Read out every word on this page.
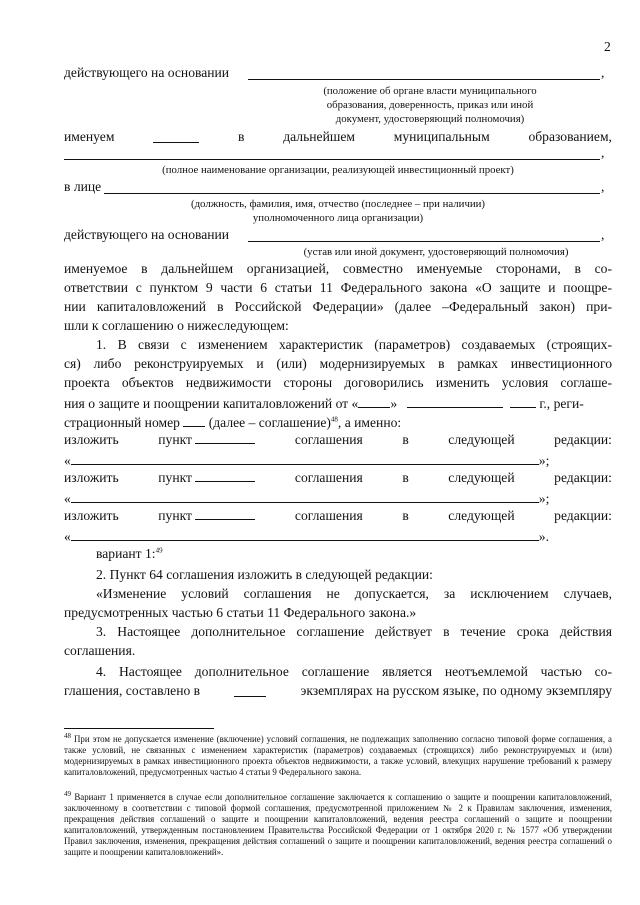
2
действующего на основании	,
(положение об органе власти муниципального
образования, доверенность, приказ или иной
документ, удостоверяющий полномочия)
именуем	в	дальнейшем	муниципальным	образованием,
,
(полное наименование организации, реализующей инвестиционный проект)
в лице	,
(должность, фамилия, имя, отчество (последнее – при наличии)
уполномоченного лица организации)
действующего на основании	,
(устав или иной документ, удостоверяющий полномочия)
именуемое в дальнейшем организацией, совместно именуемые сторонами, в со-
ответствии с пунктом 9 части 6 статьи 11 Федерального закона «О защите и поощре-
нии капиталовложений в Российской Федерации» (далее –Федеральный закон) при-
шли к соглашению о нижеследующем:
1. В связи с изменением характеристик (параметров) создаваемых (строящих-
ся) либо реконструируемых и (или) модернизируемых в рамках инвестиционного
проекта объектов недвижимости стороны договорились изменить условия соглаше-
ния о защите и поощрении капиталовложений от « »	г., реги-
страционный номер (далее – соглашение)$^{48}$, а именно:
изложить	пункт	соглашения	в	следующей	редакции:
«	»;
изложить	пункт	соглашения	в	следующей	редакции:
«	»;
изложить	пункт	соглашения	в	следующей	редакции:
«	».
вариант 1:$^{49}$
2. Пункт 64 соглашения изложить в следующей редакции:
«Изменение условий соглашения не допускается, за исключением случаев,
предусмотренных частью 6 статьи 11 Федерального закона.»
3. Настоящее дополнительное соглашение действует в течение срока действия
соглашения.
4. Настоящее дополнительное соглашение является неотъемлемой частью со-
глашения, составлено в	экземплярах на русском языке, по одному экземпляру
$^{48}$ При этом не допускается изменение (включение) условий соглашения, не подлежащих заполнению согласно типовой форме соглашения, а также условий, не связанных с изменением характеристик (параметров) создаваемых (строящихся) либо реконструируемых и (или) модернизируемых в рамках инвестиционного проекта объектов недвижимости, а также условий, влекущих нарушение требований к размеру капиталовложений, предусмотренных частью 4 статьи 9 Федерального закона.
$^{49}$ Вариант 1 применяется в случае если дополнительное соглашение заключается к соглашению о защите и поощрении капиталовложений, заключенному в соответствии с типовой формой соглашения, предусмотренной приложением № 2 к Правилам заключения, изменения, прекращения действия соглашений о защите и поощрении капиталовложений, ведения реестра соглашений о защите и поощрении капиталовложений, утвержденным постановлением Правительства Российской Федерации от 1 октября 2020 г. № 1577 «Об утверждении Правил заключения, изменения, прекращения действия соглашений о защите и поощрении капиталовложений, ведения реестра соглашений о защите и поощрении капиталовложений».
